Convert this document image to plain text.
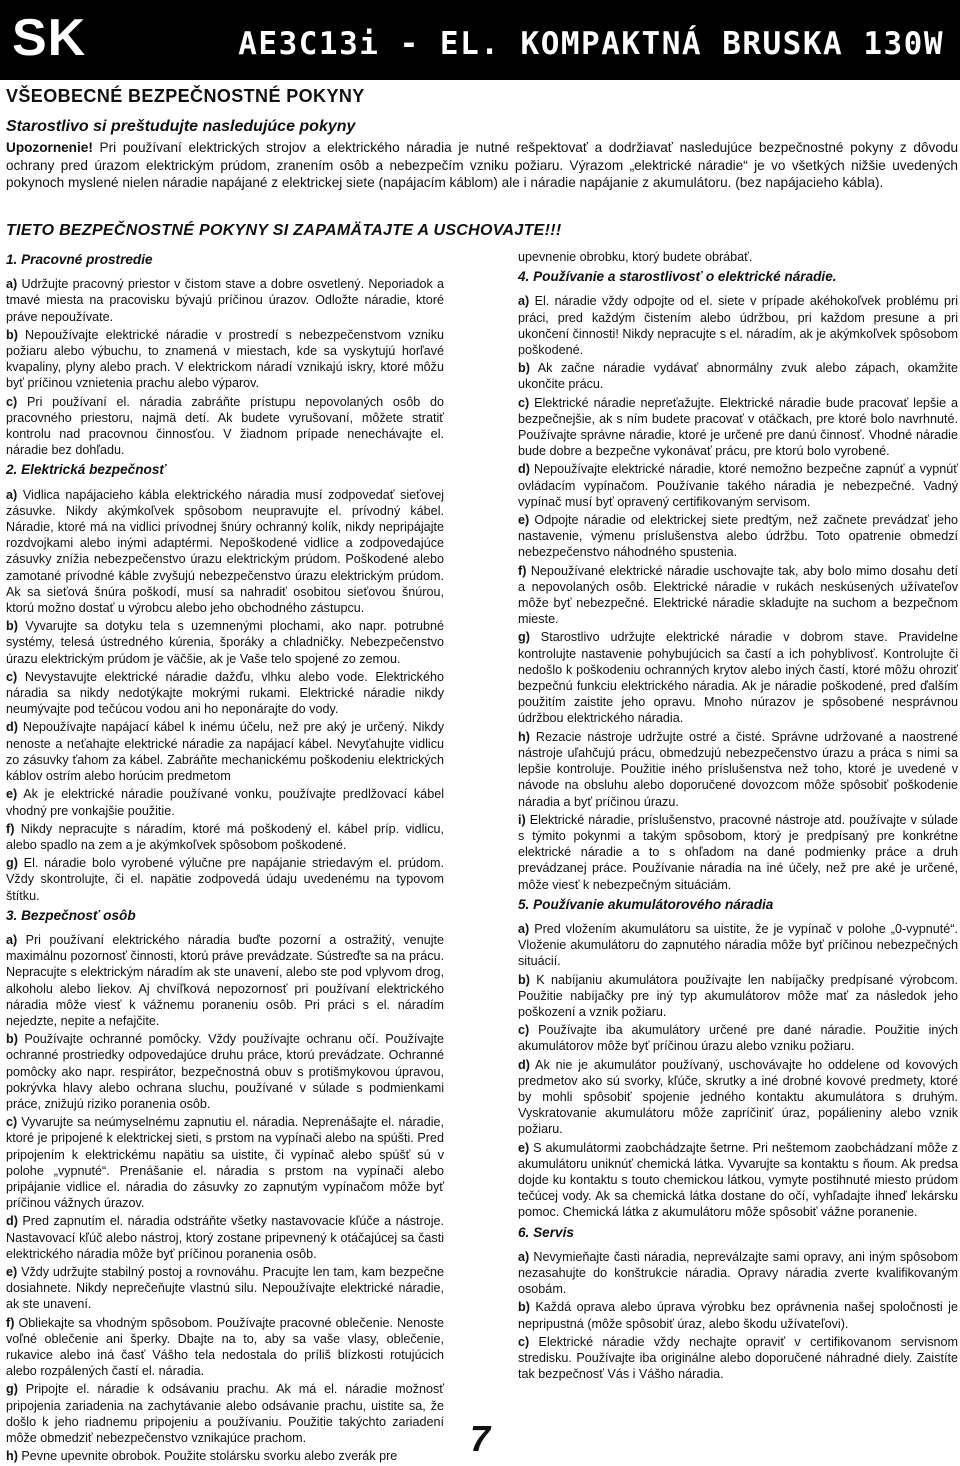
SK	AE3C13i - EL. KOMPAKTNÁ BRUSKA 130W
VŠEOBECNÉ BEZPEČNOSTNÉ POKYNY
Starostlivo si preštudujte nasledujúce pokyny
Upozornenie! Pri používaní elektrických strojov a elektrického náradia je nutné rešpektovať a dodržiavať nasledujúce bezpečnostné pokyny z dôvodu ochrany pred úrazom elektrickým prúdom, zranením osôb a nebezpečím vzniku požiaru. Výrazom „elektrické náradie“ je vo všetkých nižšie uvedených pokynoch myslené nielen náradie napájané z elektrickej siete (napájacím káblom) ale i náradie napájanie z akumulátoru. (bez napájacieho kábla).
TIETO BEZPEČNOSTNÉ POKYNY SI ZAPAMÄTAJTE A USCHOVAJTE!!!
1. Pracovné prostredie

a) Udržujte pracovný priestor v čistom stave a dobre osvetlený. Neporiadok a tmavé miesta na pracovisku bývajú príčinou úrazov. Odložte náradie, ktoré práve nepoužívate.

b) Nepoužívajte elektrické náradie v prostredí s nebezpečenstvom vzniku požiaru alebo výbuchu, to znamená v miestach, kde sa vyskytujú horľavé kvapaliny, plyny alebo prach. V elektrickom náradí vznikajú iskry, ktoré môžu byť príčinou vznietenia prachu alebo výparov.

c) Pri používaní el. náradia zabráňte prístupu nepovolaných osôb do pracovného priestoru, najmä detí. Ak budete vyrušovaní, môžete stratiť kontrolu nad pracovnou činnosťou. V žiadnom prípade nenechávajte el. náradie bez dohľadu.

2. Elektrická bezpečnosť

a) Vidlica napájacieho kábla elektrického náradia musí zodpovedať sieťovej zásuvke. Nikdy akýmkoľvek spôsobom neupravujte el. prívodný kábel. Náradie, ktoré má na vidlici prívodnej šnúry ochranný kolík, nikdy nepripájajte rozdvojkami alebo inými adaptérmi. Nepoškodené vidlice a zodpovedajúce zásuvky znížia nebezpečenstvo úrazu elektrickým prúdom. Poškodené alebo zamotané prívodné káble zvyšujú nebezpečenstvo úrazu elektrickým prúdom. Ak sa sieťová šnúra poškodí, musí sa nahradiť osobitou sieťovou šnúrou, ktorú možno dostať u výrobcu alebo jeho obchodného zástupcu.

b) Vyvarujte sa dotyku tela s uzemnenými plochami, ako napr. potrubné systémy, telesá ústredného kúrenia, šporáky a chladničky. Nebezpečenstvo úrazu elektrickým prúdom je väčšie, ak je Vaše telo spojené zo zemou.

c) Nevystavujte elektrické náradie dažďu, vlhku alebo vode. Elektrického náradia sa nikdy nedotýkajte mokrými rukami. Elektrické náradie nikdy neumývajte pod tečúcou vodou ani ho neponárajte do vody.

d) Nepoužívajte napájací kábel k inému účelu, než pre aký je určený. Nikdy nenoste a neťahajte elektrické náradie za napájací kábel. Nevyťahujte vidlicu zo zásuvky ťahom za kábel. Zabráňte mechanickému poškodeniu elektrických káblov ostrím alebo horúcim predmetom

e) Ak je elektrické náradie používané vonku, používajte predlžovací kábel vhodný pre vonkajšie použitie.

f) Nikdy nepracujte s náradím, ktoré má poškodený el. kábel príp. vidlicu, alebo spadlo na zem a je akýmkoľvek spôsobom poškodené.

g) El. náradie bolo vyrobené výlučne pre napájanie striedavým el. prúdom. Vždy skontrolujte, či el. napätie zodpovedá údaju uvedenému na typovom štítku.

3. Bezpečnosť osôb

a) Pri používaní elektrického náradia buďte pozorní a ostražitý, venujte maximálnu pozornosť činnosti, ktorú práve prevádzate. Sústreďte sa na prácu. Nepracujte s elektrickým náradím ak ste unavení, alebo ste pod vplyvom drog, alkoholu alebo liekov. Aj chvíľková nepozornosť pri používaní elektrického náradia môže viesť k vážnemu poraneniu osôb. Pri práci s el. náradím nejedzte, nepite a nefajčite.

b) Používajte ochranné pomôcky. Vždy používajte ochranu očí. Používajte ochranné prostriedky odpovedajúce druhu práce, ktorú prevádzate. Ochranné pomôcky ako napr. respirátor, bezpečnostná obuv s protišmykovou úpravou, pokrývka hlavy alebo ochrana sluchu, používané v súlade s podmienkami práce, znižujú riziko poranenia osôb.

c) Vyvarujte sa neúmyselnému zapnutiu el. náradia. Neprenášajte el. náradie, ktoré je pripojené k elektrickej sieti, s prstom na vypínači alebo na spúšti. Pred pripojením k elektrickému napätiu sa uistite, či vypínač alebo spúšť sú v polohe „vypnuté“. Prenášanie el. náradia s prstom na vypínači alebo pripájanie vidlice el. náradia do zásuvky zo zapnutým vypínačom môže byť príčinou vážnych úrazov.

d) Pred zapnutím el. náradia odstráňte všetky nastavovacie kľúče a nástroje. Nastavovací kľúč alebo nástroj, ktorý zostane pripevnený k otáčajúcej sa časti elektrického náradia môže byť príčinou poranenia osôb.

e) Vždy udržujte stabilný postoj a rovnováhu. Pracujte len tam, kam bezpečne dosiahnete. Nikdy neprečeňujte vlastnú silu. Nepoužívajte elektrické náradie, ak ste unavení.

f) Obliekajte sa vhodným spôsobom. Používajte pracovné oblečenie. Nenoste voľné oblečenie ani šperky. Dbajte na to, aby sa vaše vlasy, oblečenie, rukavice alebo iná časť Vášho tela nedostala do príliš blízkosti rotujúcich alebo rozpálených častí el. náradia.

g) Pripojte el. náradie k odsávaniu prachu. Ak má el. náradie možnosť pripojenia zariadenia na zachytávanie alebo odsávanie prachu, uistite sa, že došlo k jeho riadnemu pripojeniu a používaniu. Použitie takýchto zariadení môže obmedziť nebezpečenstvo vznikajúce prachom.

h) Pevne upevnite obrobok. Použite stolársku svorku alebo zverák pre

upevnenie obrobku, ktorý budete obrábať.

4. Používanie a starostlivosť o elektrické náradie.

a) El. náradie vždy odpojte od el. siete v prípade akéhokoľvek problému pri práci, pred každým čistením alebo údržbou, pri každom presune a pri ukončení činnosti! Nikdy nepracujte s el. náradím, ak je akýmkoľvek spôsobom poškodené.

b) Ak začne náradie vydávať abnormálny zvuk alebo zápach, okamžite ukončite prácu.

c) Elektrické náradie nepreťažujte. Elektrické náradie bude pracovať lepšie a bezpečnejšie, ak s ním budete pracovať v otáčkach, pre ktoré bolo navrhnuté. Používajte správne náradie, ktoré je určené pre danú činnosť. Vhodné náradie bude dobre a bezpečne vykonávať prácu, pre ktorú bolo vyrobené.

d) Nepoužívajte elektrické náradie, ktoré nemožno bezpečne zapnúť a vypnúť ovládacím vypínačom. Používanie takého náradia je nebezpečné. Vadný vypínač musí byť opravený certifikovaným servisom.

e) Odpojte náradie od elektrickej siete predtým, než začnete prevádzať jeho nastavenie, výmenu príslušenstva alebo údržbu. Toto opatrenie obmedzí nebezpečenstvo náhodného spustenia.

f) Nepoužívané elektrické náradie uschovajte tak, aby bolo mimo dosahu detí a nepovolaných osôb. Elektrické náradie v rukách neskúsených užívateľov môže byť nebezpečné. Elektrické náradie skladujte na suchom a bezpečnom mieste.

g) Starostlivo udržujte elektrické náradie v dobrom stave. Pravidelne kontrolujte nastavenie pohybujúcich sa častí a ich pohyblivosť. Kontrolujte či nedošlo k poškodeniu ochranných krytov alebo iných častí, ktoré môžu ohroziť bezpečnú funkciu elektrického náradia. Ak je náradie poškodené, pred ďalším použitím zaistite jeho opravu. Mnoho núrazov je spôsobené nesprávnou údržbou elektrického náradia.

h) Rezacie nástroje udržujte ostré a čisté. Správne udržované a naostrené nástroje uľahčujú prácu, obmedzujú nebezpečenstvo úrazu a práca s nimi sa lepšie kontroluje. Použitie iného príslušenstva než toho, ktoré je uvedené v návode na obsluhu alebo doporučené dovozcom môže spôsobiť poškodenie náradia a byť príčinou úrazu.

i) Elektrické náradie, príslušenstvo, pracovné nástroje atd. používajte v súlade s týmito pokynmi a takým spôsobom, ktorý je predpísaný pre konkrétne elektrické náradie a to s ohľadom na dané podmienky práce a druh prevádzanej práce. Používanie náradia na iné účely, než pre aké je určené, môže viesť k nebezpečným situáciám.

5. Používanie akumulátorového náradia

a) Pred vložením akumulátoru sa uistite, že je vypínač v polohe „0-vypnuté“. Vloženie akumulátoru do zapnutého náradia môže byť príčinou nebezpečných situácií.

b) K nabíjaniu akumulátora používajte len nabíjačky predpísané výrobcom. Použitie nabíjačky pre iný typ akumulátorov môže mať za následok jeho poškození a vznik požiaru.

c) Používajte iba akumulátory určené pre dané náradie. Použitie iných akumulátorov môže byť príčinou úrazu alebo vzniku požiaru.

d) Ak nie je akumulátor používaný, uschovávajte ho oddelene od kovových predmetov ako sú svorky, kľúče, skrutky a iné drobné kovové predmety, ktoré by mohli spôsobiť spojenie jedného kontaktu akumulátora s druhým. Vyskratovanie akumulátoru môže zapríčiniť úraz, popálieniny alebo vznik požiaru.

e) S akumulátormi zaobchádzajte šetrne. Pri neštemom zaobchádzaní môže z akumulátoru uniknúť chemická látka. Vyvarujte sa kontaktu s ňoum. Ak predsa dojde ku kontaktu s touto chemickou látkou, vymyte postihnuté miesto prúdom tečúcej vody. Ak sa chemická látka dostane do očí, vyhľadajte ihneď lekársku pomoc. Chemická látka z akumulátoru môže spôsobiť vážne poranenie.

6. Servis

a) Nevymieňajte časti náradia, nepreválzajte sami opravy, ani iným spôsobom nezasahujte do konštrukcie náradia. Opravy náradia zverte kvalifikovaným osobám.

b) Každá oprava alebo úprava výrobku bez oprávnenia našej spoločnosti je nepripustná (môže spôsobiť úraz, alebo škodu užívateľovi).

c) Elektrické náradie vždy nechajte opraviť v certifikovanom servisnom stredisku. Používajte iba originálne alebo doporučené náhradné diely. Zaistíte tak bezpečnosť Vás i Vášho náradia.

7
